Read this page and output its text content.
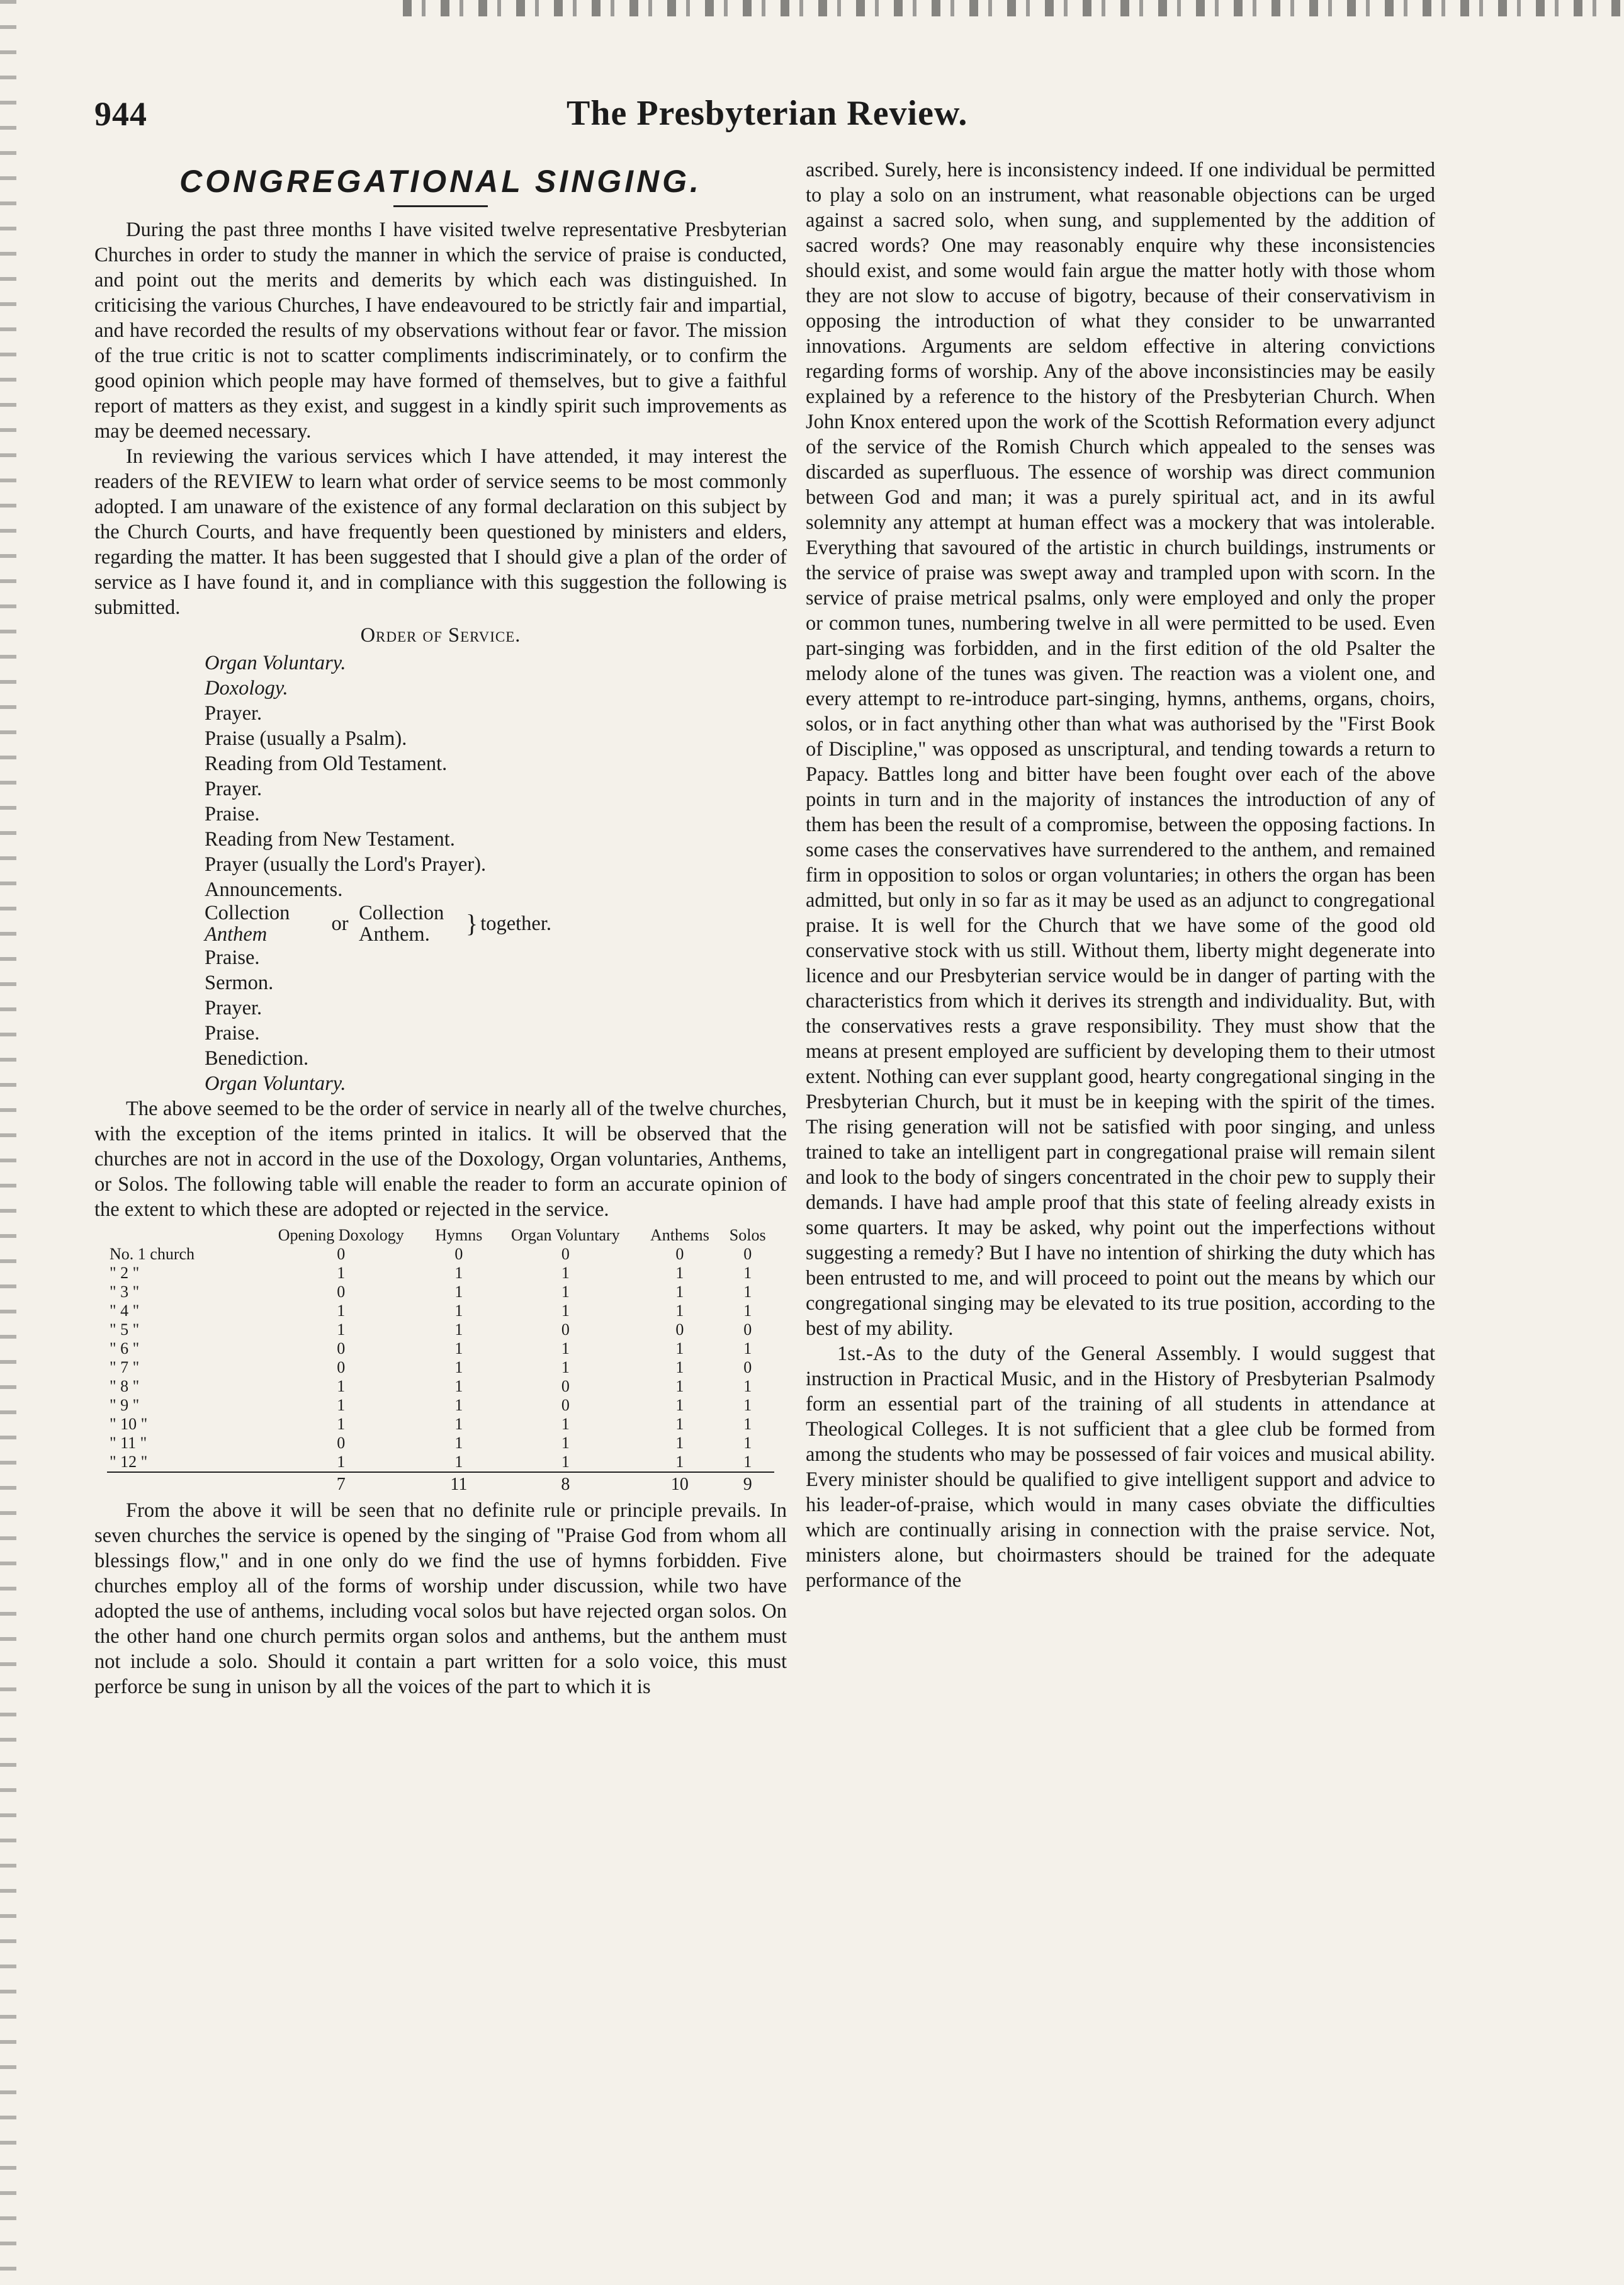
944	The Presbyterian Review.
CONGREGATIONAL SINGING.

During the past three months I have visited twelve representative Presbyterian Churches in order to study the manner in which the service of praise is conducted, and point out the merits and demerits by which each was distinguished. In criticising the various Churches, I have endeavoured to be strictly fair and impartial, and have recorded the results of my observations without fear or favor. The mission of the true critic is not to scatter compliments indiscriminately, or to confirm the good opinion which people may have formed of themselves, but to give a faithful report of matters as they exist, and suggest in a kindly spirit such improvements as may be deemed necessary.

In reviewing the various services which I have attended, it may interest the readers of the REVIEW to learn what order of service seems to be most commonly adopted. I am unaware of the existence of any formal declaration on this subject by the Church Courts, and have frequently been questioned by ministers and elders, regarding the matter. It has been suggested that I should give a plan of the order of service as I have found it, and in compliance with this suggestion the following is submitted.

Order of Service.
Organ Voluntary.
Doxology.
Prayer.
Praise (usually a Psalm).
Reading from Old Testament.
Prayer.
Praise.
Reading from New Testament.
Prayer (usually the Lord's Prayer).
Announcements.
Collection
Anthem	or Collection
Anthem.	} together.
Praise.
Sermon.
Prayer.
Praise.
Benediction.
Organ Voluntary.

The above seemed to be the order of service in nearly all of the twelve churches, with the exception of the items printed in italics. It will be observed that the churches are not in accord in the use of the Doxology, Organ voluntaries, Anthems, or Solos. The following table will enable the reader to form an accurate opinion of the extent to which these are adopted or rejected in the service.

	Opening Doxology	Hymns	Organ Voluntary	Anthems	Solos
No. 1 church	0	0	0	0	0
" 2 "	1	1	1	1	1
" 3 "	0	1	1	1	1
" 4 "	1	1	1	1	1
" 5 "	1	1	0	0	0
" 6 "	0	1	1	1	1
" 7 "	0	1	1	1	0
" 8 "	1	1	0	1	1
" 9 "	1	1	0	1	1
" 10 "	1	1	1	1	1
" 11 "	0	1	1	1	1
" 12 "	1	1	1	1	1
	7	11	8	10	9

From the above it will be seen that no definite rule or principle prevails. In seven churches the service is opened by the singing of "Praise God from whom all blessings flow," and in one only do we find the use of hymns forbidden. Five churches employ all of the forms of worship under discussion, while two have adopted the use of anthems, including vocal solos but have rejected organ solos. On the other hand one church permits organ solos and anthems, but the anthem must not include a solo. Should it contain a part written for a solo voice, this must perforce be sung in unison by all the voices of the part to which it is

ascribed. Surely, here is inconsistency indeed. If one individual be permitted to play a solo on an instrument, what reasonable objections can be urged against a sacred solo, when sung, and supplemented by the addition of sacred words? One may reasonably enquire why these inconsistencies should exist, and some would fain argue the matter hotly with those whom they are not slow to accuse of bigotry, because of their conservativism in opposing the introduction of what they consider to be unwarranted innovations. Arguments are seldom effective in altering convictions regarding forms of worship. Any of the above inconsistincies may be easily explained by a reference to the history of the Presbyterian Church. When John Knox entered upon the work of the Scottish Reformation every adjunct of the service of the Romish Church which appealed to the senses was discarded as superfluous. The essence of worship was direct communion between God and man; it was a purely spiritual act, and in its awful solemnity any attempt at human effect was a mockery that was intolerable. Everything that savoured of the artistic in church buildings, instruments or the service of praise was swept away and trampled upon with scorn. In the service of praise metrical psalms, only were employed and only the proper or common tunes, numbering twelve in all were permitted to be used. Even part-singing was forbidden, and in the first edition of the old Psalter the melody alone of the tunes was given. The reaction was a violent one, and every attempt to re-introduce part-singing, hymns, anthems, organs, choirs, solos, or in fact anything other than what was authorised by the "First Book of Discipline," was opposed as unscriptural, and tending towards a return to Papacy. Battles long and bitter have been fought over each of the above points in turn and in the majority of instances the introduction of any of them has been the result of a compromise, between the opposing factions. In some cases the conservatives have surrendered to the anthem, and remained firm in opposition to solos or organ voluntaries; in others the organ has been admitted, but only in so far as it may be used as an adjunct to congregational praise. It is well for the Church that we have some of the good old conservative stock with us still. Without them, liberty might degenerate into licence and our Presbyterian service would be in danger of parting with the characteristics from which it derives its strength and individuality. But, with the conservatives rests a grave responsibility. They must show that the means at present employed are sufficient by developing them to their utmost extent. Nothing can ever supplant good, hearty congregational singing in the Presbyterian Church, but it must be in keeping with the spirit of the times. The rising generation will not be satisfied with poor singing, and unless trained to take an intelligent part in congregational praise will remain silent and look to the body of singers concentrated in the choir pew to supply their demands. I have had ample proof that this state of feeling already exists in some quarters. It may be asked, why point out the imperfections without suggesting a remedy? But I have no intention of shirking the duty which has been entrusted to me, and will proceed to point out the means by which our congregational singing may be elevated to its true position, according to the best of my ability.

1st.-As to the duty of the General Assembly. I would suggest that instruction in Practical Music, and in the History of Presbyterian Psalmody form an essential part of the training of all students in attendance at Theological Colleges. It is not sufficient that a glee club be formed from among the students who may be possessed of fair voices and musical ability. Every minister should be qualified to give intelligent support and advice to his leader-of-praise, which would in many cases obviate the difficulties which are continually arising in connection with the praise service. Not, ministers alone, but choirmasters should be trained for the adequate performance of the
